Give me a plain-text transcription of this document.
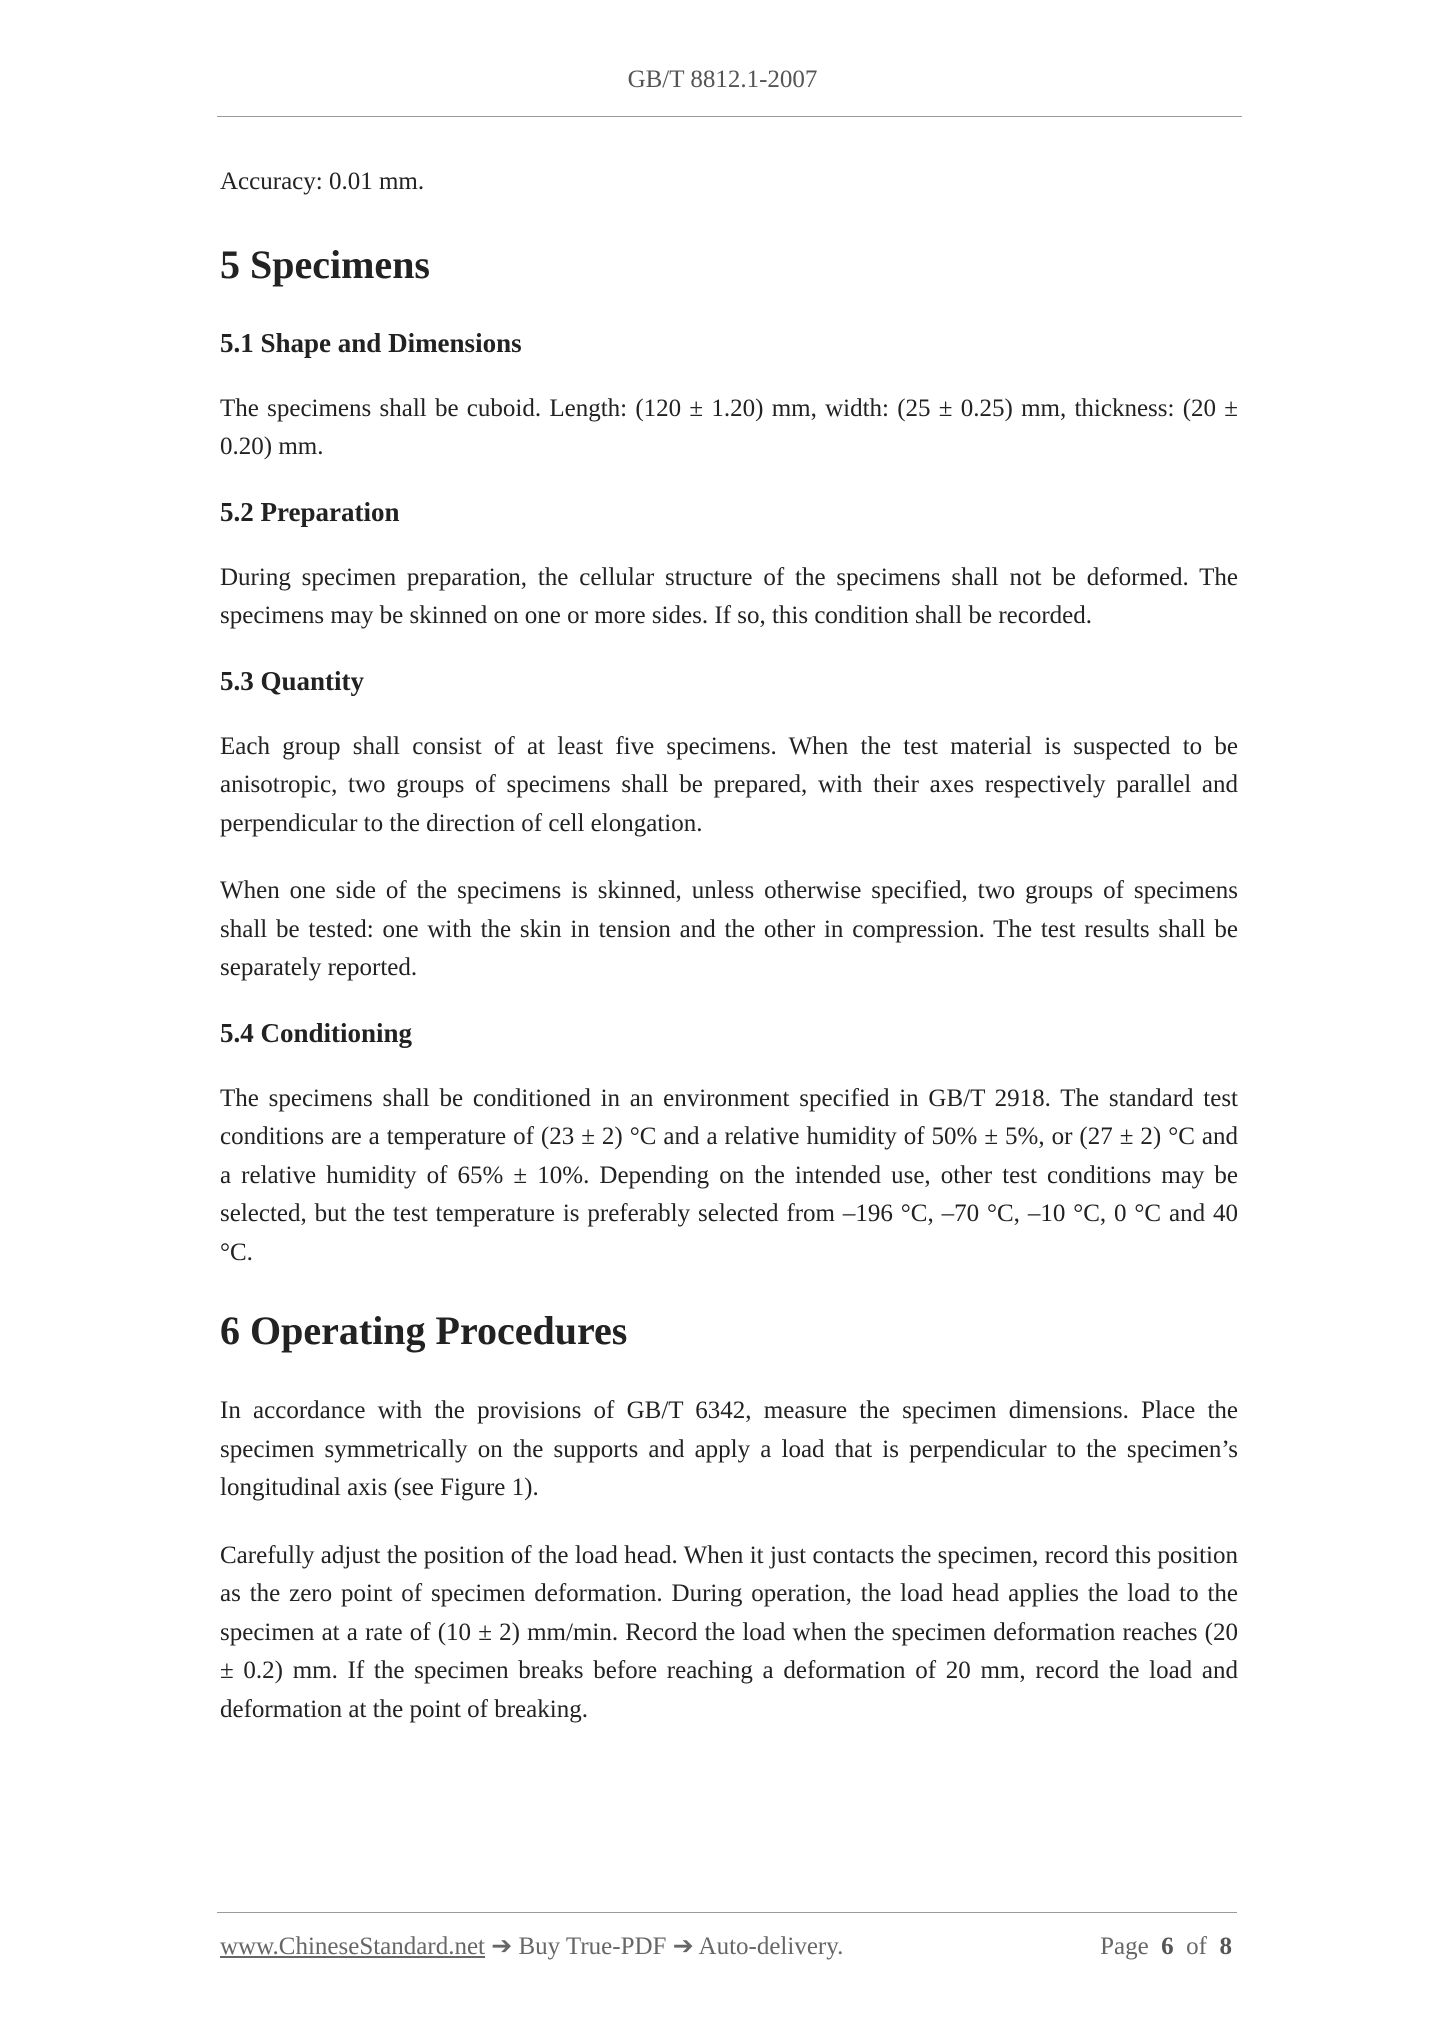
GB/T 8812.1-2007

Accuracy: 0.01 mm.

5 Specimens
5.1 Shape and Dimensions

The specimens shall be cuboid. Length: (120 ± 1.20) mm, width: (25 ± 0.25) mm, thickness: (20 ± 0.20) mm.

5.2 Preparation

During specimen preparation, the cellular structure of the specimens shall not be deformed. The specimens may be skinned on one or more sides. If so, this condition shall be recorded.

5.3 Quantity

Each group shall consist of at least five specimens. When the test material is suspected to be anisotropic, two groups of specimens shall be prepared, with their axes respectively parallel and perpendicular to the direction of cell elongation.

When one side of the specimens is skinned, unless otherwise specified, two groups of specimens shall be tested: one with the skin in tension and the other in compression. The test results shall be separately reported.

5.4 Conditioning

The specimens shall be conditioned in an environment specified in GB/T 2918. The standard test conditions are a temperature of (23 ± 2) °C and a relative humidity of 50% ± 5%, or (27 ± 2) °C and a relative humidity of 65% ± 10%. Depending on the intended use, other test conditions may be selected, but the test temperature is preferably selected from –196 °C, –70 °C, –10 °C, 0 °C and 40 °C.

6 Operating Procedures

In accordance with the provisions of GB/T 6342, measure the specimen dimensions. Place the specimen symmetrically on the supports and apply a load that is perpendicular to the specimen’s longitudinal axis (see Figure 1).

Carefully adjust the position of the load head. When it just contacts the specimen, record this position as the zero point of specimen deformation. During operation, the load head applies the load to the specimen at a rate of (10 ± 2) mm/min. Record the load when the specimen deformation reaches (20 ± 0.2) mm. If the specimen breaks before reaching a deformation of 20 mm, record the load and deformation at the point of breaking.

www.ChineseStandard.net ➔ Buy True-PDF ➔ Auto-delivery.	Page 6 of 8
